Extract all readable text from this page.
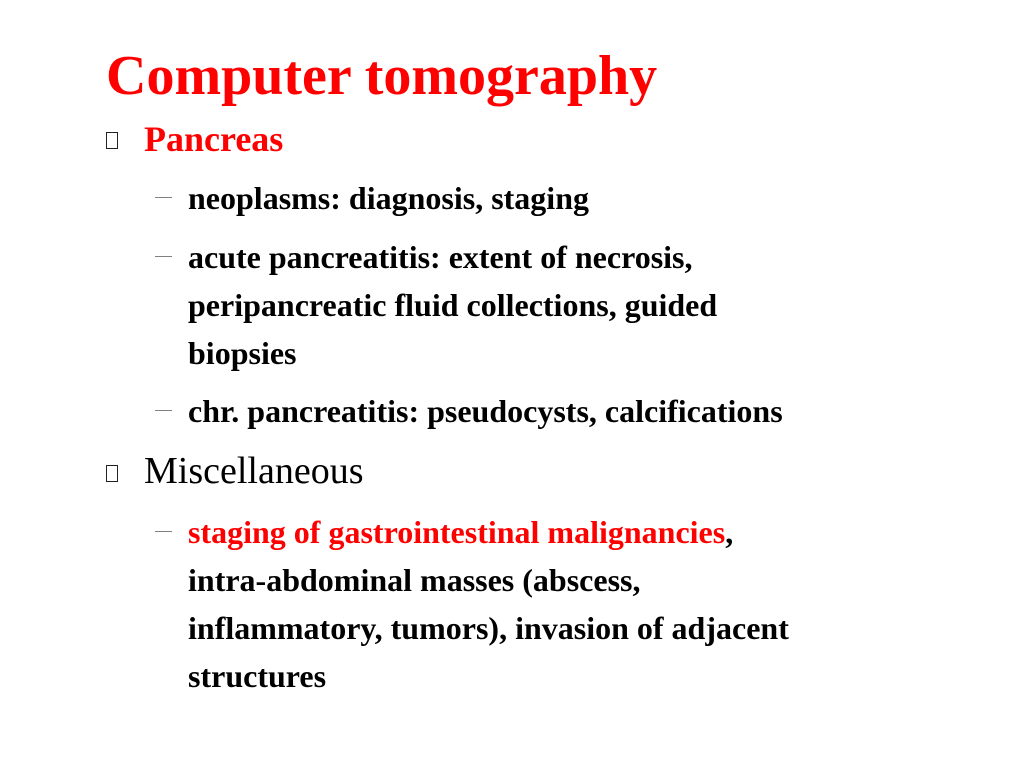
Computer tomography
Pancreas
neoplasms: diagnosis, staging
acute pancreatitis: extent of necrosis,
peripancreatic fluid collections, guided
biopsies
chr. pancreatitis: pseudocysts, calcifications
Miscellaneous
staging of gastrointestinal malignancies,
intra-abdominal masses (abscess,
inflammatory, tumors), invasion of adjacent
structures
